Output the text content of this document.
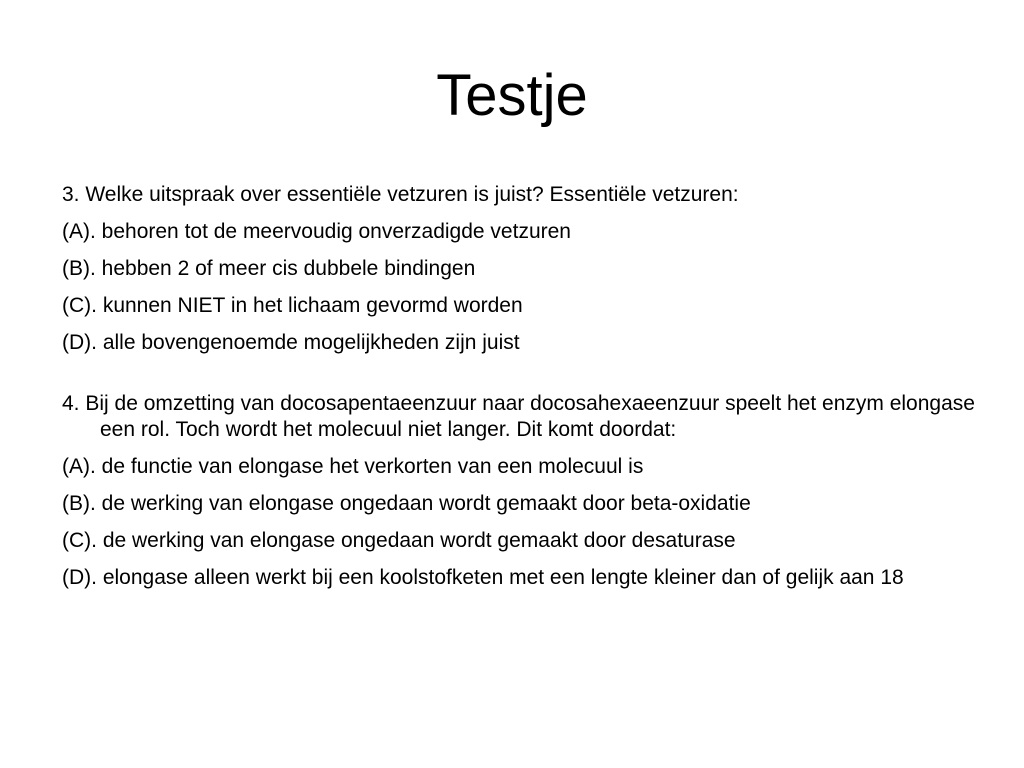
Testje

3. Welke uitspraak over essentiële vetzuren is juist? Essentiële vetzuren:

(A). behoren tot de meervoudig onverzadigde vetzuren

(B). hebben 2 of meer cis dubbele bindingen

(C). kunnen NIET in het lichaam gevormd worden

(D). alle bovengenoemde mogelijkheden zijn juist

4. Bij de omzetting van docosapentaeenzuur naar docosahexaeenzuur speelt het enzym elongase een rol. Toch wordt het molecuul niet langer. Dit komt doordat:

(A). de functie van elongase het verkorten van een molecuul is

(B). de werking van elongase ongedaan wordt gemaakt door beta-oxidatie

(C). de werking van elongase ongedaan wordt gemaakt door desaturase

(D). elongase alleen werkt bij een koolstofketen met een lengte kleiner dan of gelijk aan 18
